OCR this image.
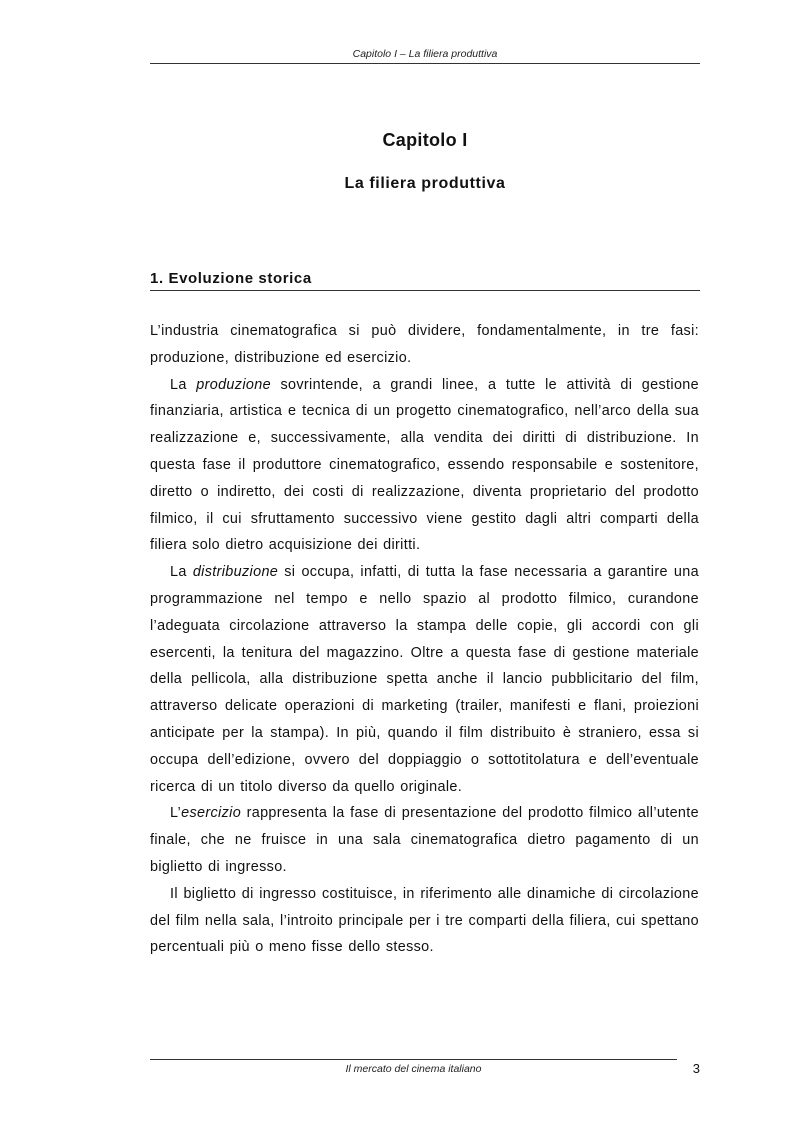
Capitolo I – La filiera produttiva
Capitolo I
La filiera produttiva
1. Evoluzione storica

L’industria cinematografica si può dividere, fondamentalmente, in tre fasi: produzione, distribuzione ed esercizio.

La produzione sovrintende, a grandi linee, a tutte le attività di gestione finanziaria, artistica e tecnica di un progetto cinematografico, nell’arco della sua realizzazione e, successivamente, alla vendita dei diritti di distribuzione. In questa fase il produttore cinematografico, essendo responsabile e sostenitore, diretto o indiretto, dei costi di realizzazione, diventa proprietario del prodotto filmico, il cui sfruttamento successivo viene gestito dagli altri comparti della filiera solo dietro acquisizione dei diritti.

La distribuzione si occupa, infatti, di tutta la fase necessaria a garantire una programmazione nel tempo e nello spazio al prodotto filmico, curandone l’adeguata circolazione attraverso la stampa delle copie, gli accordi con gli esercenti, la tenitura del magazzino. Oltre a questa fase di gestione materiale della pellicola, alla distribuzione spetta anche il lancio pubblicitario del film, attraverso delicate operazioni di marketing (trailer, manifesti e flani, proiezioni anticipate per la stampa). In più, quando il film distribuito è straniero, essa si occupa dell’edizione, ovvero del doppiaggio o sottotitolatura e dell’eventuale ricerca di un titolo diverso da quello originale.

L’esercizio rappresenta la fase di presentazione del prodotto filmico all’utente finale, che ne fruisce in una sala cinematografica dietro pagamento di un biglietto di ingresso.

Il biglietto di ingresso costituisce, in riferimento alle dinamiche di circolazione del film nella sala, l’introito principale per i tre comparti della filiera, cui spettano percentuali più o meno fisse dello stesso.

Il mercato del cinema italiano	3
